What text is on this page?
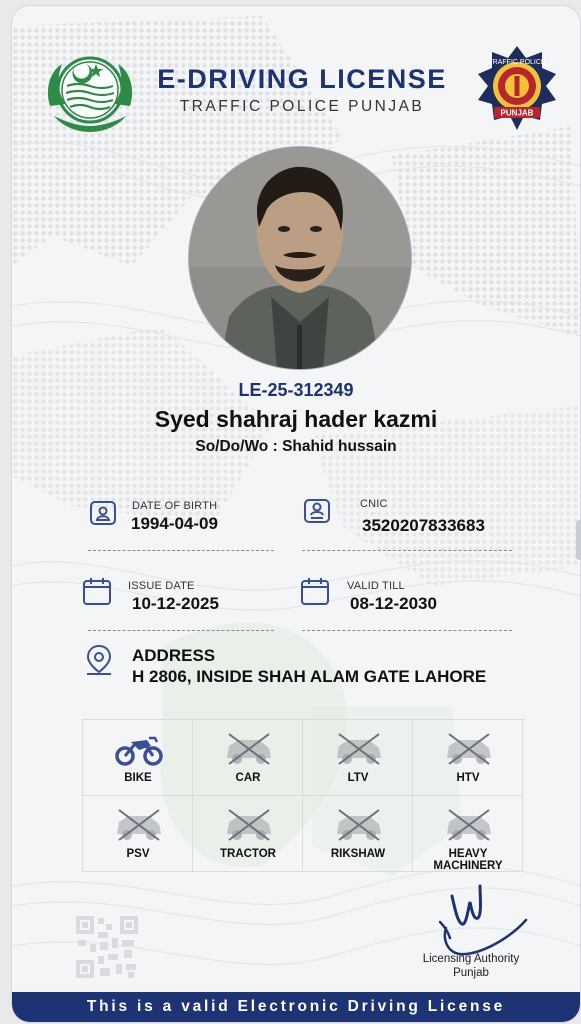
E-DRIVING LICENSE
TRAFFIC POLICE PUNJAB
TRAFFIC POLICE
PUNJAB
LE-25-312349
Syed shahraj hader kazmi
So/Do/Wo : Shahid hussain
DATE OF BIRTH
1994-04-09
CNIC
3520207833683
ISSUE DATE
10-12-2025
VALID TILL
08-12-2030
ADDRESS
H 2806, INSIDE SHAH ALAM GATE LAHORE
BIKE	CAR	LTV	HTV
PSV	TRACTOR	RIKSHAW	HEAVY MACHINERY
Licensing Authority
Punjab
This is a valid Electronic Driving License
